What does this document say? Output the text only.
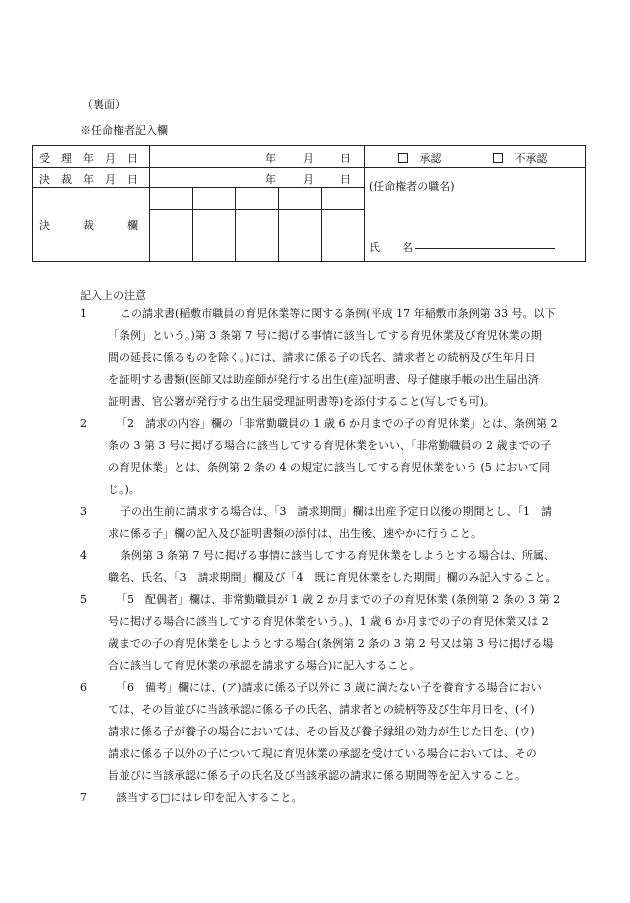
（裏面）
※任命権者記入欄
受　理　年　月　日	年 月 日	承認	不承認
決　裁　年　月　日	年 月 日
決　　　裁　　　欄
(任命権者の職名)
氏　　名
記入上の注意
1	この請求書(稲敷市職員の育児休業等に関する条例(平成 17 年稲敷市条例第 33 号。以下
「条例」という。)第 3 条第 7 号に掲げる事情に該当してする育児休業及び育児休業の期
間の延長に係るものを除く。)には、請求に係る子の氏名、請求者との続柄及び生年月日
を証明する書類(医師又は助産師が発行する出生(産)証明書、母子健康手帳の出生届出済
証明書、官公署が発行する出生届受理証明書等)を添付すること(写しでも可)。
2	「2　請求の内容」欄の「非常勤職員の 1 歳 6 か月までの子の育児休業」とは、条例第 2
条の 3 第 3 号に掲げる場合に該当してする育児休業をいい、「非常勤職員の 2 歳までの子
の育児休業」とは、条例第 2 条の 4 の規定に該当してする育児休業をいう (5 において同
じ。)。
3	子の出生前に請求する場合は、「3　請求期間」欄は出産予定日以後の期間とし、「1　請
求に係る子」欄の記入及び証明書類の添付は、出生後、速やかに行うこと。
4	条例第 3 条第 7 号に掲げる事情に該当してする育児休業をしようとする場合は、所属、
職名、氏名、「3　請求期間」欄及び「4　既に育児休業をした期間」欄のみ記入すること。
5	「5　配偶者」欄は、非常勤職員が 1 歳 2 か月までの子の育児休業 (条例第 2 条の 3 第 2
号に掲げる場合に該当してする育児休業をいう。)、1 歳 6 か月までの子の育児休業又は 2
歳までの子の育児休業をしようとする場合(条例第 2 条の 3 第 2 号又は第 3 号に掲げる場
合に該当して育児休業の承認を請求する場合)に記入すること。
6	「6　備考」欄には、(ア)請求に係る子以外に 3 歳に満たない子を養育する場合におい
ては、その旨並びに当該承認に係る子の氏名、請求者との続柄等及び生年月日を、(イ)
請求に係る子が養子の場合においては、その旨及び養子縁組の効力が生じた日を、(ウ)
請求に係る子以外の子について現に育児休業の承認を受けている場合においては、その
旨並びに当該承認に係る子の氏名及び当該承認の請求に係る期間等を記入すること。
7	該当する□にはレ印を記入すること。
